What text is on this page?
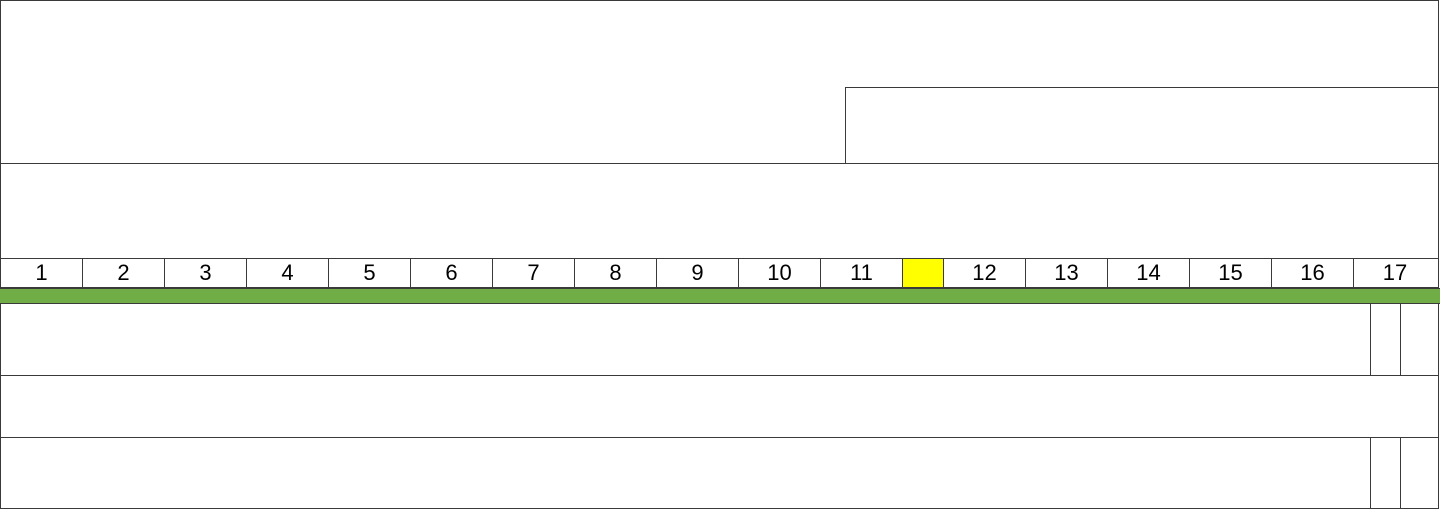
1	2	3	4	5	6	7	8	9	10	11	12	13	14	15	16	17
